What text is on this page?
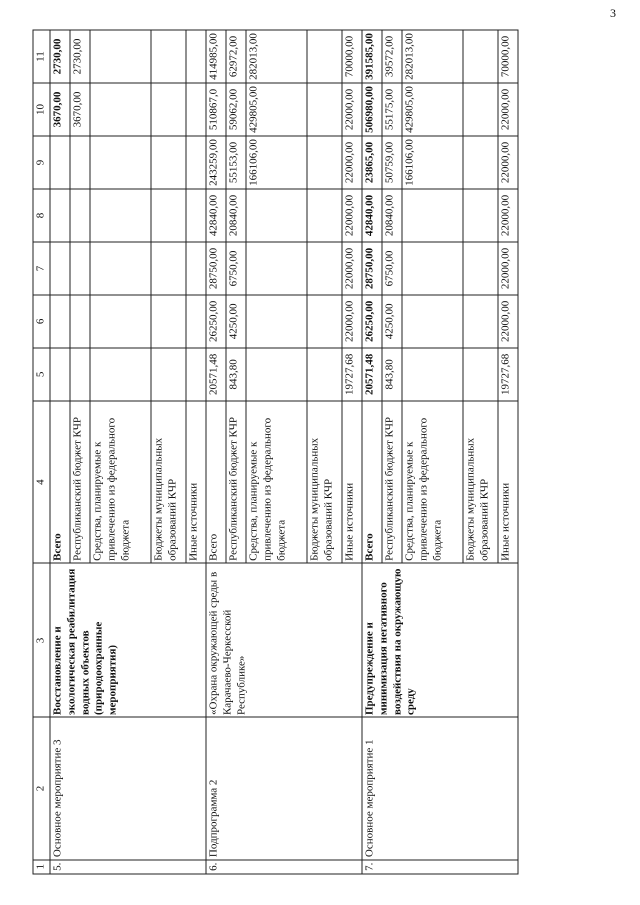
3
1	2	3	4	5	6	7	8	9	10	11
5.	Основное мероприятие 3	Восстановление и экологическая реабилитация водных объектов (природоохранные мероприятия)	Всего						3670,00	2730,00
			Республиканский бюджет КЧР						3670,00	2730,00
			Средства, планируемые к привлечению из федерального бюджета							
			Бюджеты муниципальных образований КЧР							
			Иные источники							
6.	Подпрограмма 2	«Охрана окружающей среды в Карачаево-Черкесской Республике»	Всего	20571,48	26250,00	28750,00	42840,00	243259,00	510867,0	414985,00
			Республиканский бюджет КЧР	843,80	4250,00	6750,00	20840,00	55153,00	59062,00	62972,00
			Средства, планируемые к привлечению из федерального бюджета					166106,00	429805,00	282013,00
			Бюджеты муниципальных образований КЧР							
			Иные источники	19727,68	22000,00	22000,00	22000,00	22000,00	22000,00	70000,00
7.	Основное мероприятие 1	Предупреждение и минимизация негативного воздействия на окружающую среду	Всего	20571,48	26250,00	28750,00	42840,00	23865,00	506980,00	391585,00
			Республиканский бюджет КЧР	843,80	4250,00	6750,00	20840,00	50759,00	55175,00	39572,00
			Средства, планируемые к привлечению из федерального бюджета					166106,00	429805,00	282013,00
			Бюджеты муниципальных образований КЧР							
			Иные источники	19727,68	22000,00	22000,00	22000,00	22000,00	22000,00	70000,00
